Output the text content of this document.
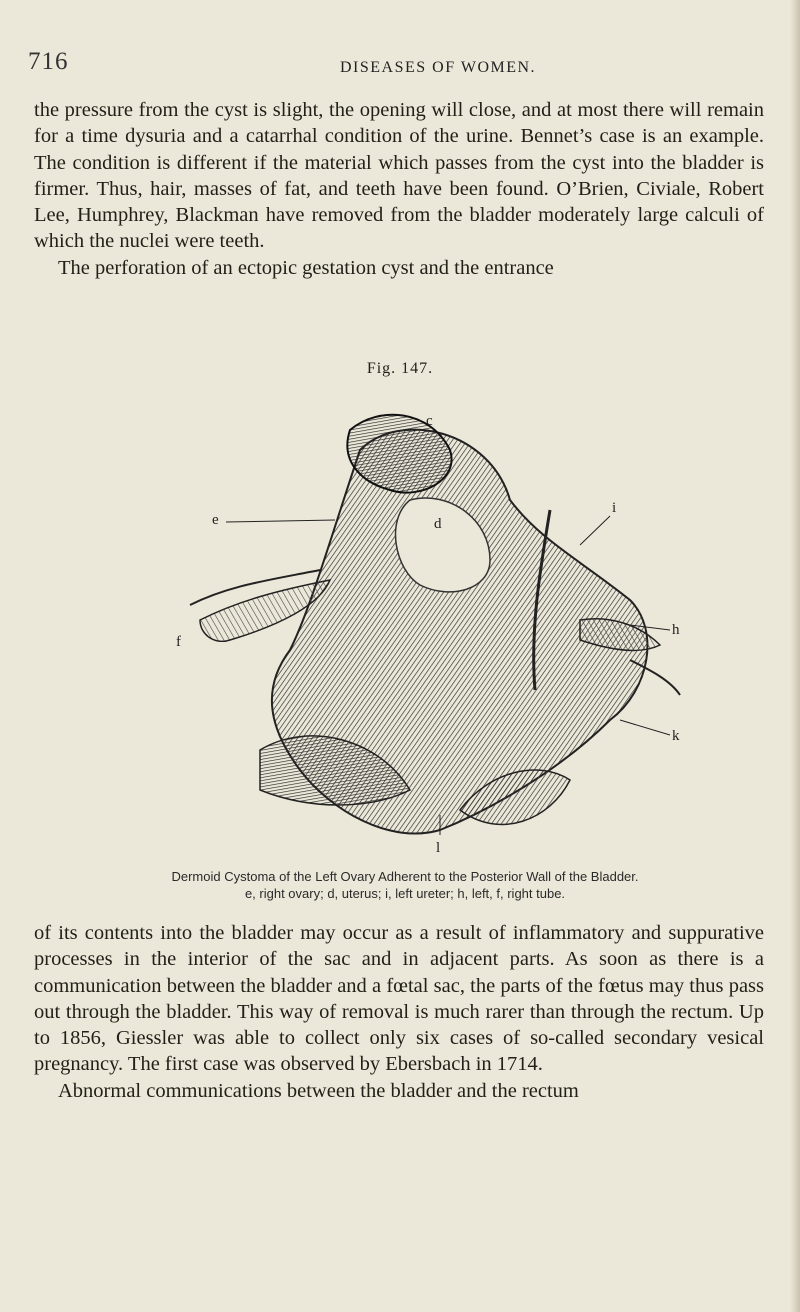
716	DISEASES OF WOMEN.

the pressure from the cyst is slight, the opening will close, and at most there will remain for a time dysuria and a catarrhal condition of the urine. Bennet’s case is an example. The condition is different if the material which passes from the cyst into the bladder is firmer. Thus, hair, masses of fat, and teeth have been found. O’Brien, Civiale, Robert Lee, Humphrey, Blackman have removed from the bladder moderately large calculi of which the nuclei were teeth.

The perforation of an ectopic gestation cyst and the entrance

Fig. 147.
c
e	d
i
f
h
k
l
Dermoid Cystoma of the Left Ovary Adherent to the Posterior Wall of the Bladder.
e, right ovary; d, uterus; i, left ureter; h, left, f, right tube.

of its contents into the bladder may occur as a result of inflammatory and suppurative processes in the interior of the sac and in adjacent parts. As soon as there is a communication between the bladder and a fœtal sac, the parts of the fœtus may thus pass out through the bladder. This way of removal is much rarer than through the rectum. Up to 1856, Giessler was able to collect only six cases of so-called secondary vesical pregnancy. The first case was observed by Ebersbach in 1714.

Abnormal communications between the bladder and the rectum
